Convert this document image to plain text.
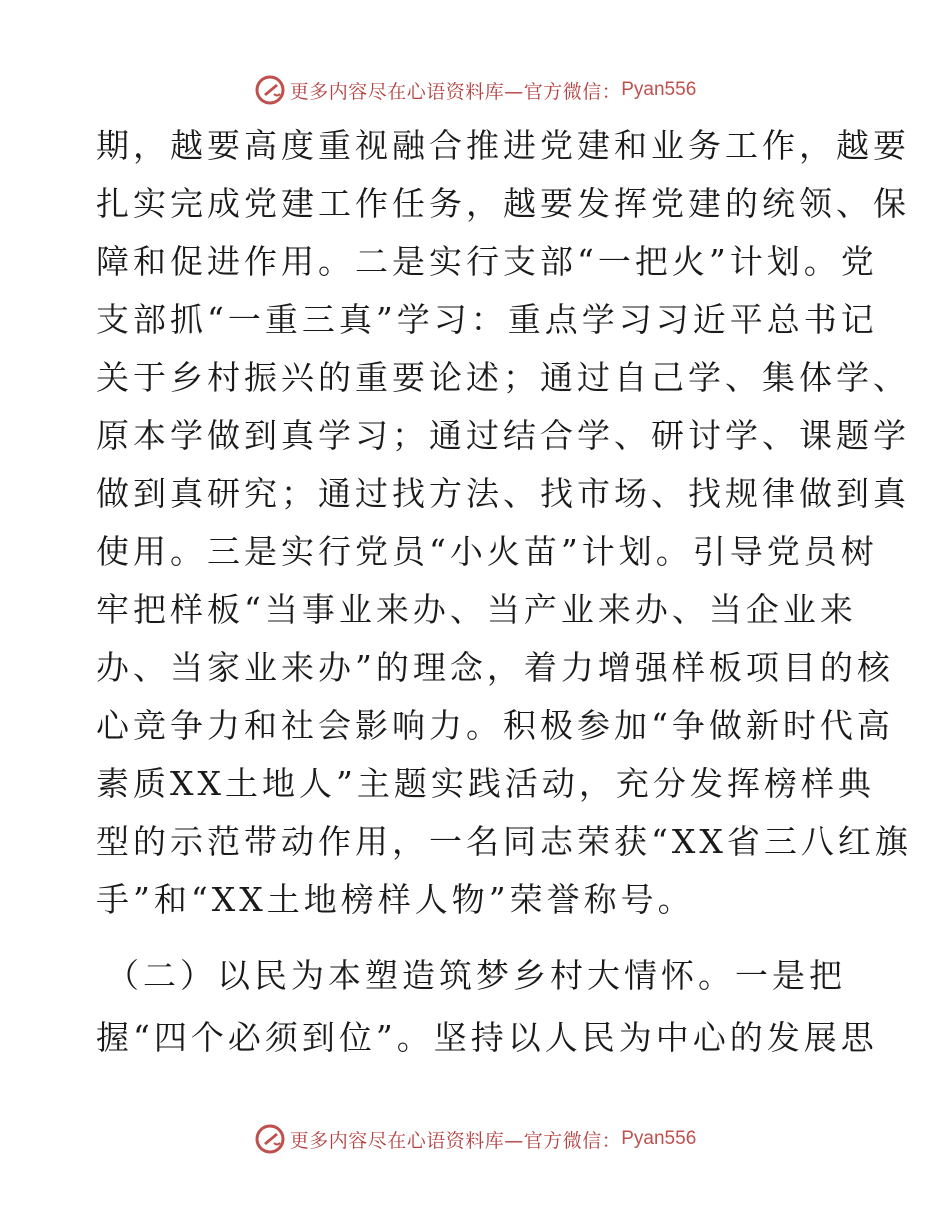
更多内容尽在心语资料库—官方微信： Pyan556
期，越要高度重视融合推进党建和业务工作，越要
扎实完成党建工作任务，越要发挥党建的统领、保
障和促进作用。二是实行支部“一把火”计划。党
支部抓“一重三真”学习：重点学习习近平总书记
关于乡村振兴的重要论述；通过自己学、集体学、
原本学做到真学习；通过结合学、研讨学、课题学
做到真研究；通过找方法、找市场、找规律做到真
使用。三是实行党员“小火苗”计划。引导党员树
牢把样板“当事业来办、当产业来办、当企业来
办、当家业来办”的理念，着力增强样板项目的核
心竞争力和社会影响力。积极参加“争做新时代高
素质XX土地人”主题实践活动，充分发挥榜样典
型的示范带动作用，一名同志荣获“XX省三八红旗
手”和“XX土地榜样人物”荣誉称号。
（二）以民为本塑造筑梦乡村大情怀。一是把
握“四个必须到位”。坚持以人民为中心的发展思
更多内容尽在心语资料库—官方微信： Pyan556
